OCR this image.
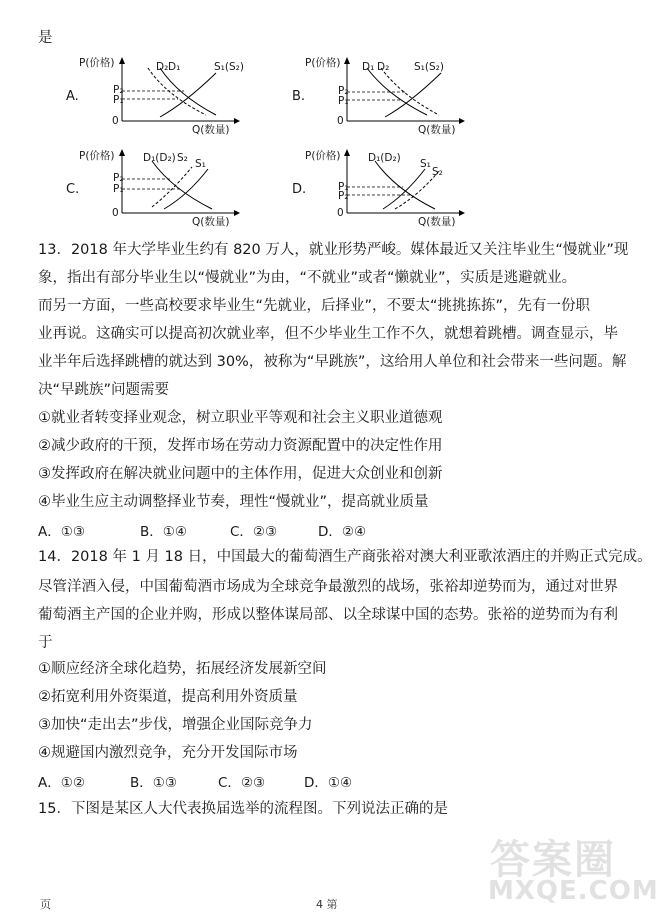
是
A.
P(价格)	D₂ D₁	S₁(S₂)
P₂
P₁
0
Q(数量)
B.
P(价格) D₁ D₂ S₁(S₂)
P₂
P₁
0
Q(数量)
C.
P(价格)	D₁(D₂) S₂ S₁
P₂
P₁
0
Q(数量)
D.
P(价格)	D₁(D₂) S₁
S₂
P₁
P₂
0
Q(数量)
13．2018 年大学毕业生约有 820 万人，就业形势严峻。媒体最近又关注毕业生“慢就业”现
象，指出有部分毕业生以“慢就业”为由，“不就业”或者“懒就业”，实质是逃避就业。
而另一方面，一些高校要求毕业生“先就业，后择业”，不要太“挑挑拣拣”，先有一份职
业再说。这确实可以提高初次就业率，但不少毕业生工作不久，就想着跳槽。调查显示，毕
业半年后选择跳槽的就达到 30%，被称为“早跳族”，这给用人单位和社会带来一些问题。解
决“早跳族”问题需要
①就业者转变择业观念，树立职业平等观和社会主义职业道德观
②减少政府的干预，发挥市场在劳动力资源配置中的决定性作用
③发挥政府在解决就业问题中的主体作用，促进大众创业和创新
④毕业生应主动调整择业节奏，理性“慢就业”，提高就业质量
A．①③	B．①④	C．②③	D．②④
14．2018 年 1 月 18 日，中国最大的葡萄酒生产商张裕对澳大利亚歌浓酒庄的并购正式完成。
尽管洋酒入侵，中国葡萄酒市场成为全球竞争最激烈的战场，张裕却逆势而为，通过对世界
葡萄酒主产国的企业并购，形成以整体谋局部、以全球谋中国的态势。张裕的逆势而为有利
于
①顺应经济全球化趋势，拓展经济发展新空间
②拓宽利用外资渠道，提高利用外资质量
③加快“走出去”步伐，增强企业国际竞争力
④规避国内激烈竞争，充分开发国际市场
A．①②	B．①③	C．②③	D．①④
15．下图是某区人大代表换届选举的流程图。下列说法正确的是
答案圈
MXQE.COM
页	4 第
